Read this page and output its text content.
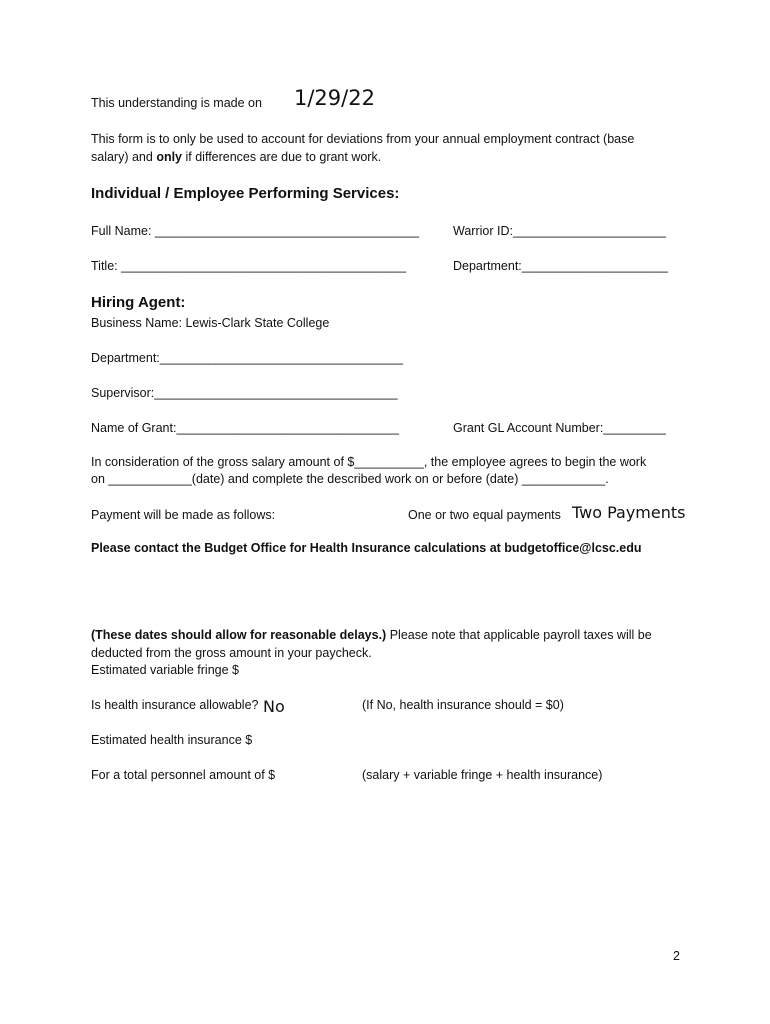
This understanding is made on 1/29/22
This form is to only be used to account for deviations from your annual employment contract (base
salary) and only if differences are due to grant work.
Individual / Employee Performing Services:
Full Name: ______________________________________	Warrior ID:______________________
Title: _________________________________________	Department:_____________________
Hiring Agent:
Business Name: Lewis-Clark State College
Department:___________________________________
Supervisor:___________________________________
Name of Grant:________________________________	Grant GL Account Number:_________
In consideration of the gross salary amount of $__________, the employee agrees to begin the work
on ____________(date) and complete the described work on or before (date) ____________.
Payment will be made as follows:	One or two equal payments Two Payments
Please contact the Budget Office for Health Insurance calculations at budgetoffice@lcsc.edu
(These dates should allow for reasonable delays.) Please note that applicable payroll taxes will be
deducted from the gross amount in your paycheck.
Estimated variable fringe $
Is health insurance allowable? No	(If No, health insurance should = $0)
Estimated health insurance $
For a total personnel amount of $	(salary + variable fringe + health insurance)
2
